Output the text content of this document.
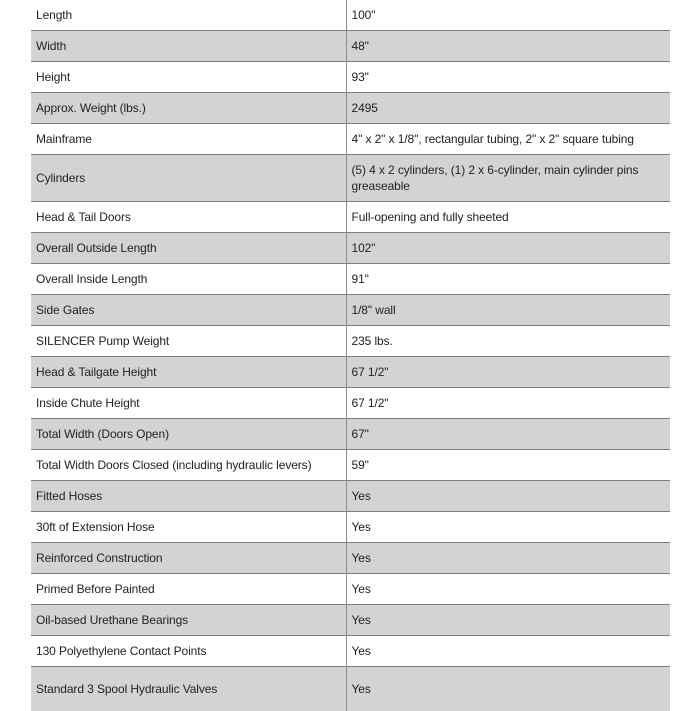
Length	100"
Width	48"
Height	93"
Approx. Weight (lbs.)	2495
Mainframe	4" x 2" x 1/8", rectangular tubing, 2" x 2" square tubing
Cylinders	(5) 4 x 2 cylinders, (1) 2 x 6-cylinder, main cylinder pins greaseable
Head & Tail Doors	Full-opening and fully sheeted
Overall Outside Length	102"
Overall Inside Length	91"
Side Gates	1/8" wall
SILENCER Pump Weight	235 lbs.
Head & Tailgate Height	67 1/2"
Inside Chute Height	67 1/2"
Total Width (Doors Open)	67"
Total Width Doors Closed (including hydraulic levers)	59"
Fitted Hoses	Yes
30ft of Extension Hose	Yes
Reinforced Construction	Yes
Primed Before Painted	Yes
Oil-based Urethane Bearings	Yes
130 Polyethylene Contact Points	Yes
Standard 3 Spool Hydraulic Valves	Yes
